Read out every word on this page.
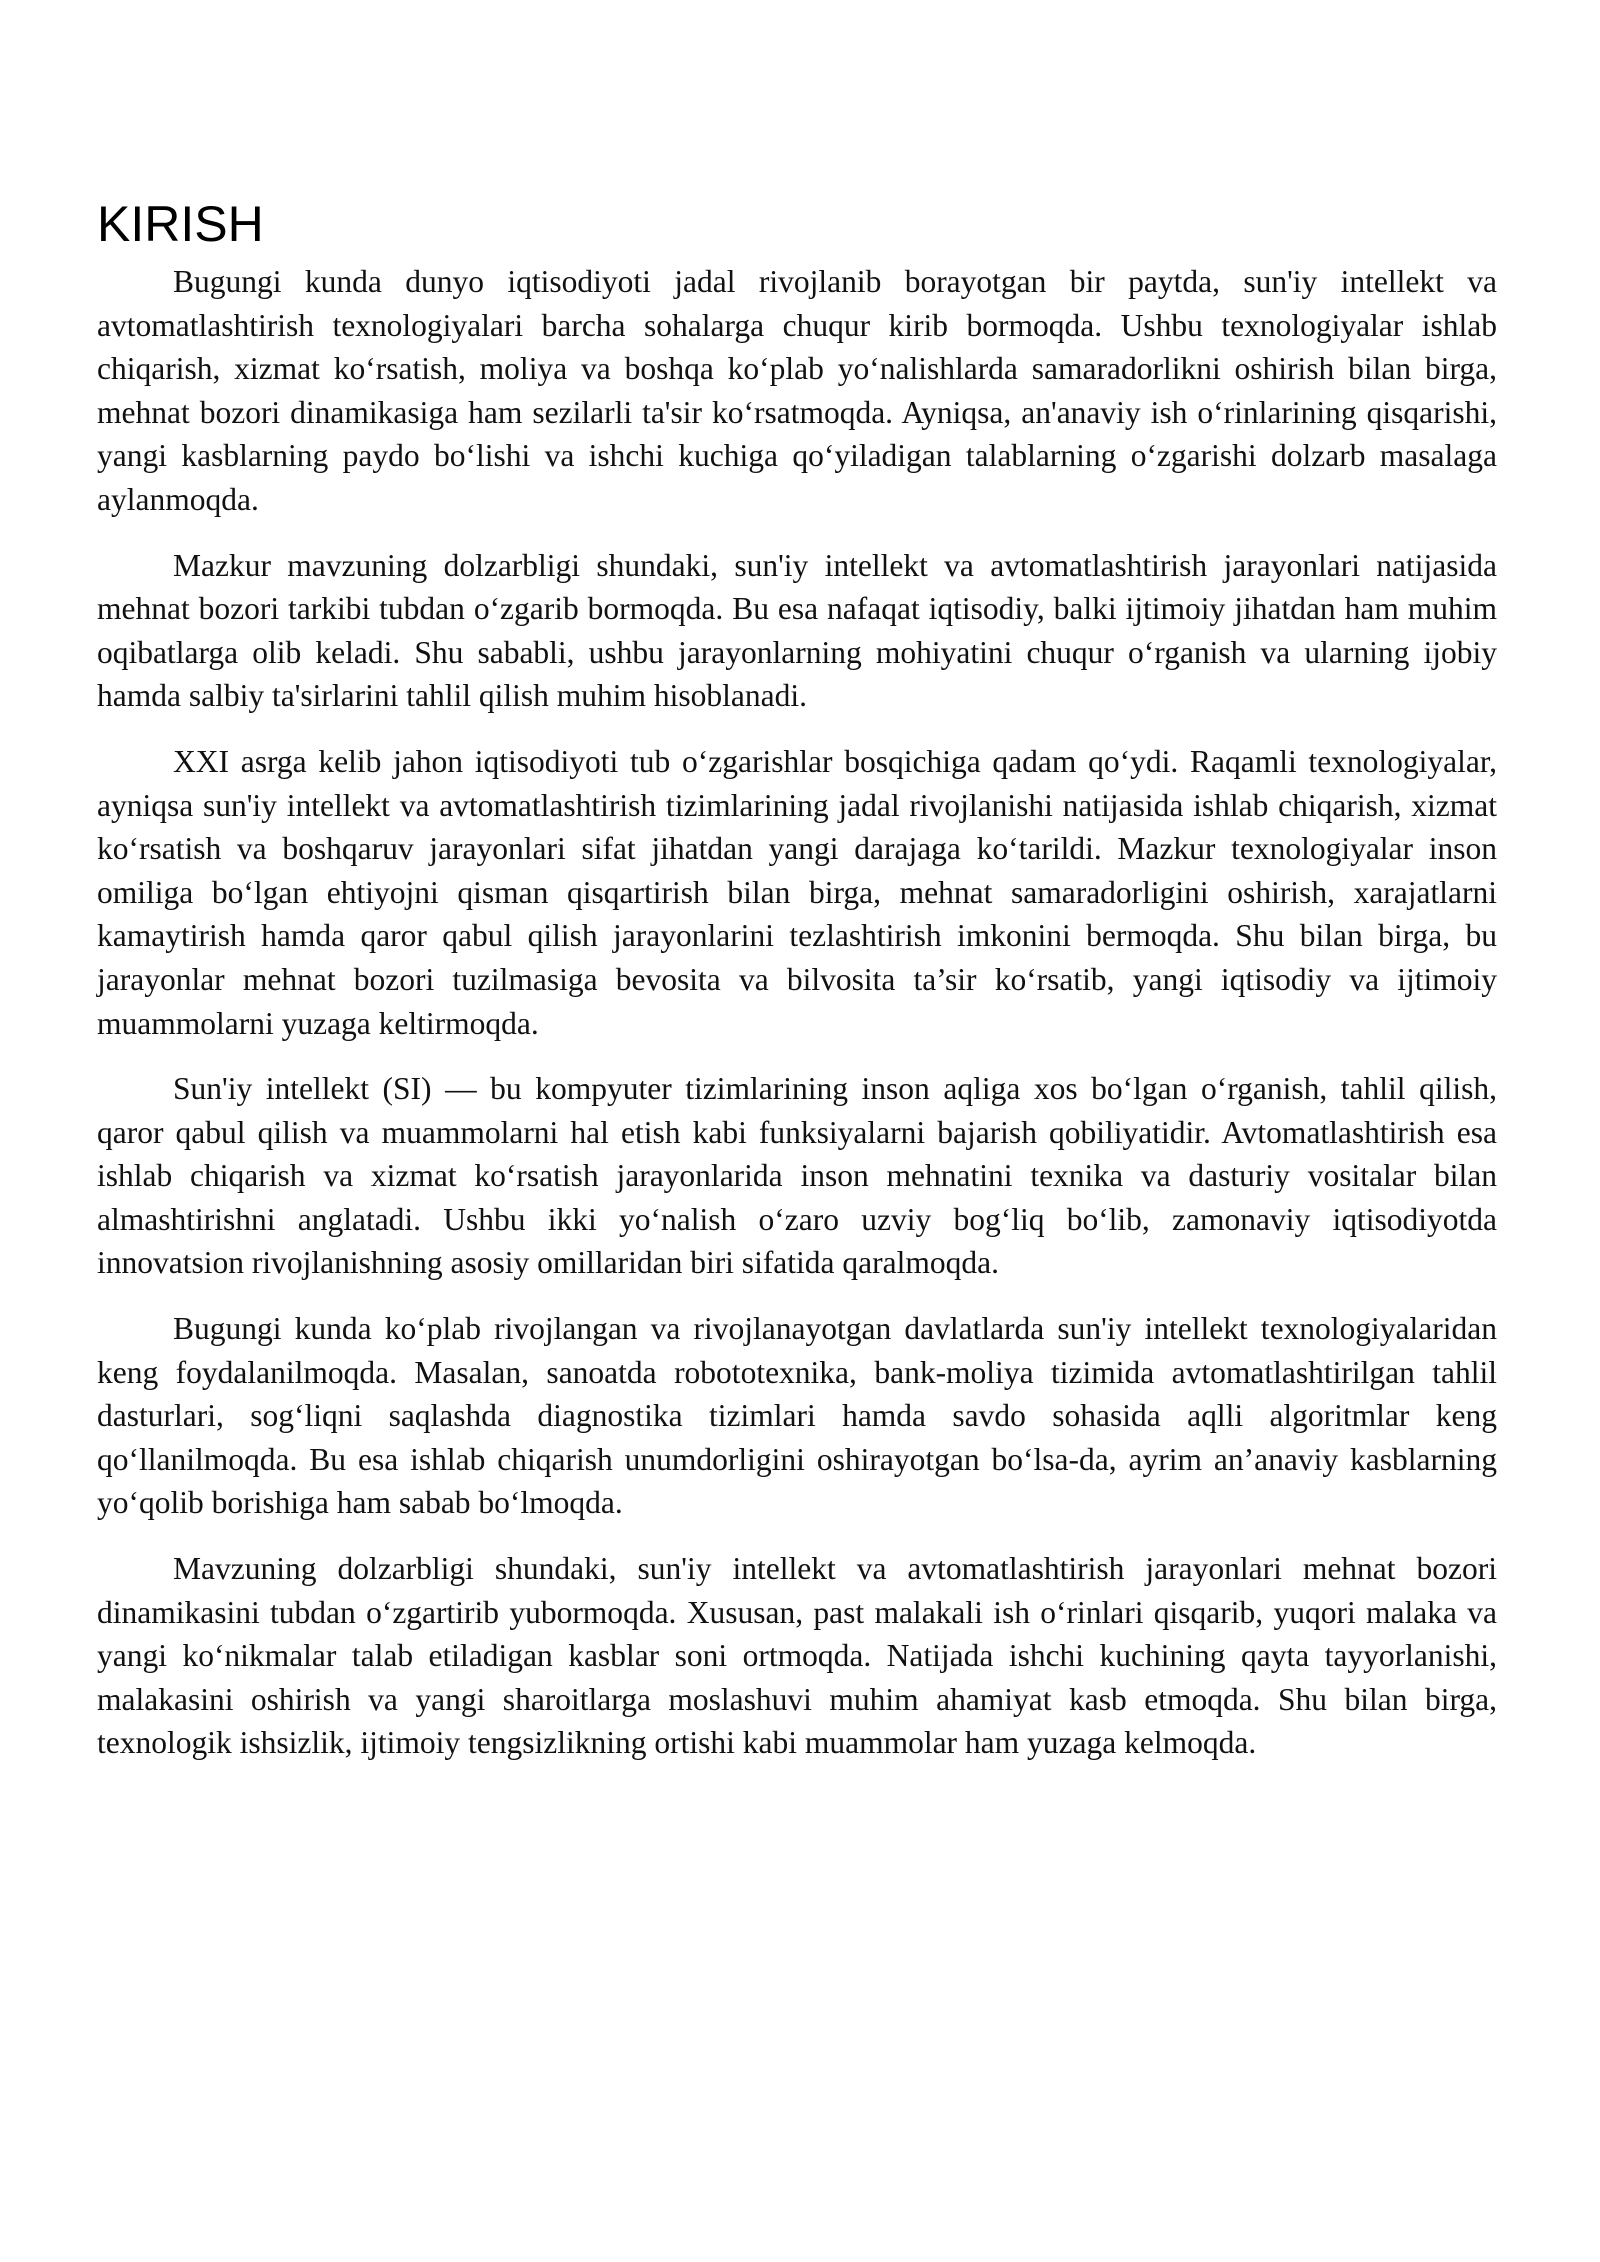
KIRISH

Bugungi kunda dunyo iqtisodiyoti jadal rivojlanib borayotgan bir paytda, sun'iy intellekt va avtomatlashtirish texnologiyalari barcha sohalarga chuqur kirib bormoqda. Ushbu texnologiyalar ishlab chiqarish, xizmat ko‘rsatish, moliya va boshqa ko‘plab yo‘nalishlarda samaradorlikni oshirish bilan birga, mehnat bozori dinamikasiga ham sezilarli ta'sir ko‘rsatmoqda. Ayniqsa, an'anaviy ish o‘rinlarining qisqarishi, yangi kasblarning paydo bo‘lishi va ishchi kuchiga qo‘yiladigan talablarning o‘zgarishi dolzarb masalaga aylanmoqda.

Mazkur mavzuning dolzarbligi shundaki, sun'iy intellekt va avtomatlashtirish jarayonlari natijasida mehnat bozori tarkibi tubdan o‘zgarib bormoqda. Bu esa nafaqat iqtisodiy, balki ijtimoiy jihatdan ham muhim oqibatlarga olib keladi. Shu sababli, ushbu jarayonlarning mohiyatini chuqur o‘rganish va ularning ijobiy hamda salbiy ta'sirlarini tahlil qilish muhim hisoblanadi.

XXI asrga kelib jahon iqtisodiyoti tub o‘zgarishlar bosqichiga qadam qo‘ydi. Raqamli texnologiyalar, ayniqsa sun'iy intellekt va avtomatlashtirish tizimlarining jadal rivojlanishi natijasida ishlab chiqarish, xizmat ko‘rsatish va boshqaruv jarayonlari sifat jihatdan yangi darajaga ko‘tarildi. Mazkur texnologiyalar inson omiliga bo‘lgan ehtiyojni qisman qisqartirish bilan birga, mehnat samaradorligini oshirish, xarajatlarni kamaytirish hamda qaror qabul qilish jarayonlarini tezlashtirish imkonini bermoqda. Shu bilan birga, bu jarayonlar mehnat bozori tuzilmasiga bevosita va bilvosita ta’sir ko‘rsatib, yangi iqtisodiy va ijtimoiy muammolarni yuzaga keltirmoqda.

Sun'iy intellekt (SI) — bu kompyuter tizimlarining inson aqliga xos bo‘lgan o‘rganish, tahlil qilish, qaror qabul qilish va muammolarni hal etish kabi funksiyalarni bajarish qobiliyatidir. Avtomatlashtirish esa ishlab chiqarish va xizmat ko‘rsatish jarayonlarida inson mehnatini texnika va dasturiy vositalar bilan almashtirishni anglatadi. Ushbu ikki yo‘nalish o‘zaro uzviy bog‘liq bo‘lib, zamonaviy iqtisodiyotda innovatsion rivojlanishning asosiy omillaridan biri sifatida qaralmoqda.

Bugungi kunda ko‘plab rivojlangan va rivojlanayotgan davlatlarda sun'iy intellekt texnologiyalaridan keng foydalanilmoqda. Masalan, sanoatda robototexnika, bank-moliya tizimida avtomatlashtirilgan tahlil dasturlari, sog‘liqni saqlashda diagnostika tizimlari hamda savdo sohasida aqlli algoritmlar keng qo‘llanilmoqda. Bu esa ishlab chiqarish unumdorligini oshirayotgan bo‘lsa-da, ayrim an’anaviy kasblarning yo‘qolib borishiga ham sabab bo‘lmoqda.

Mavzuning dolzarbligi shundaki, sun'iy intellekt va avtomatlashtirish jarayonlari mehnat bozori dinamikasini tubdan o‘zgartirib yubormoqda. Xususan, past malakali ish o‘rinlari qisqarib, yuqori malaka va yangi ko‘nikmalar talab etiladigan kasblar soni ortmoqda. Natijada ishchi kuchining qayta tayyorlanishi, malakasini oshirish va yangi sharoitlarga moslashuvi muhim ahamiyat kasb etmoqda. Shu bilan birga, texnologik ishsizlik, ijtimoiy tengsizlikning ortishi kabi muammolar ham yuzaga kelmoqda.
